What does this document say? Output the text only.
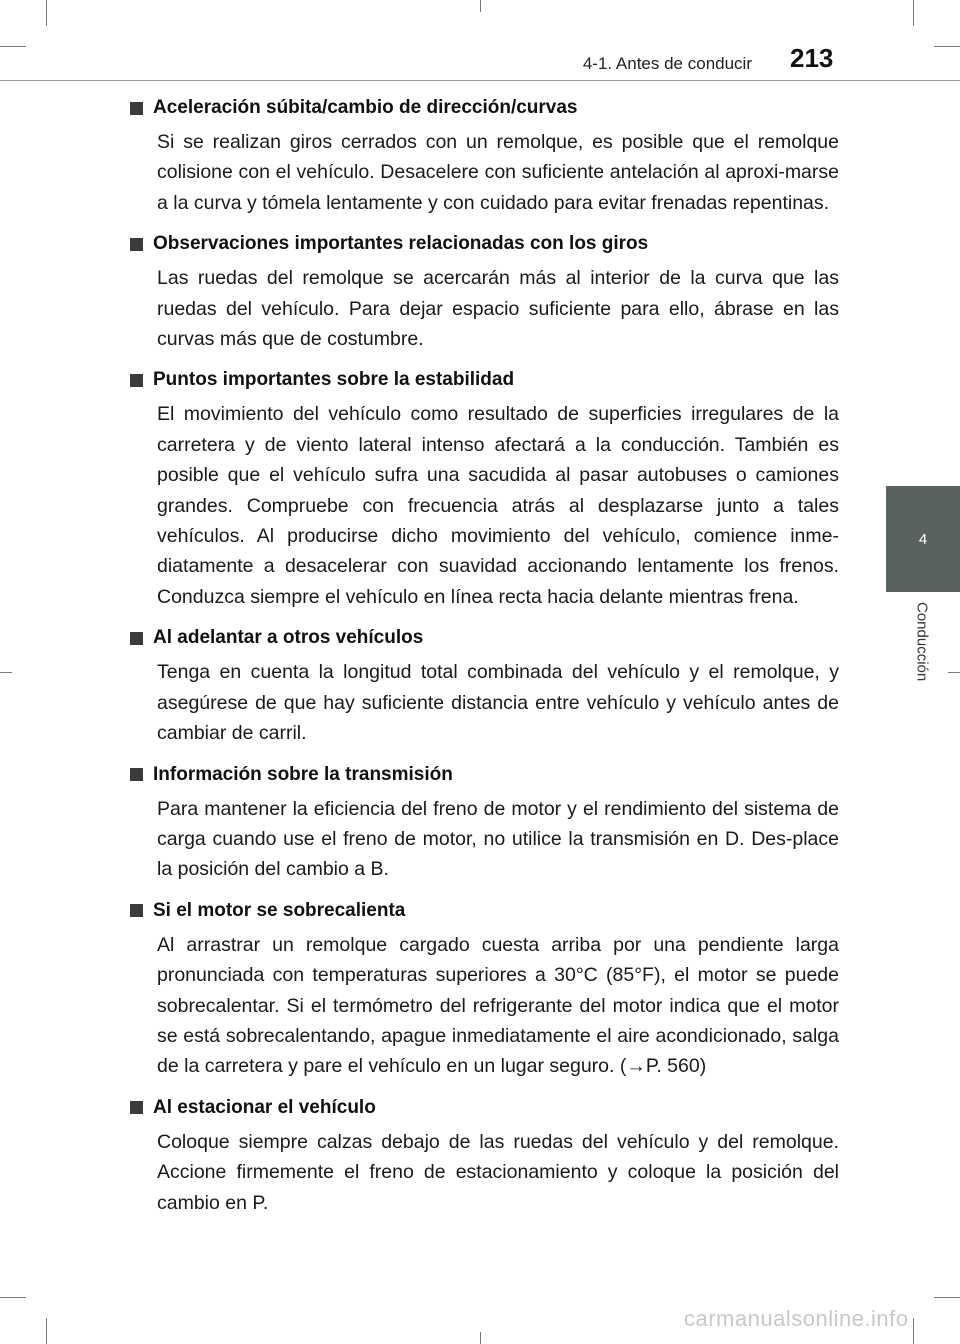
4-1. Antes de conducir 213
4
Conducción
Aceleración súbita/cambio de dirección/curvas
Si se realizan giros cerrados con un remolque, es posible que el remolque colisione con el vehículo. Desacelere con suficiente antelación al aproxi-marse a la curva y tómela lentamente y con cuidado para evitar frenadas repentinas.
Observaciones importantes relacionadas con los giros
Las ruedas del remolque se acercarán más al interior de la curva que las ruedas del vehículo. Para dejar espacio suficiente para ello, ábrase en las curvas más que de costumbre.
Puntos importantes sobre la estabilidad
El movimiento del vehículo como resultado de superficies irregulares de la carretera y de viento lateral intenso afectará a la conducción. También es posible que el vehículo sufra una sacudida al pasar autobuses o camiones grandes. Compruebe con frecuencia atrás al desplazarse junto a tales vehículos. Al producirse dicho movimiento del vehículo, comience inme-diatamente a desacelerar con suavidad accionando lentamente los frenos. Conduzca siempre el vehículo en línea recta hacia delante mientras frena.
Al adelantar a otros vehículos
Tenga en cuenta la longitud total combinada del vehículo y el remolque, y asegúrese de que hay suficiente distancia entre vehículo y vehículo antes de cambiar de carril.
Información sobre la transmisión
Para mantener la eficiencia del freno de motor y el rendimiento del sistema de carga cuando use el freno de motor, no utilice la transmisión en D. Des-place la posición del cambio a B.
Si el motor se sobrecalienta
Al arrastrar un remolque cargado cuesta arriba por una pendiente larga pronunciada con temperaturas superiores a 30°C (85°F), el motor se puede sobrecalentar. Si el termómetro del refrigerante del motor indica que el motor se está sobrecalentando, apague inmediatamente el aire acondicionado, salga de la carretera y pare el vehículo en un lugar seguro. (→P. 560)
Al estacionar el vehículo
Coloque siempre calzas debajo de las ruedas del vehículo y del remolque. Accione firmemente el freno de estacionamiento y coloque la posición del cambio en P.
carmanualsonline.info
